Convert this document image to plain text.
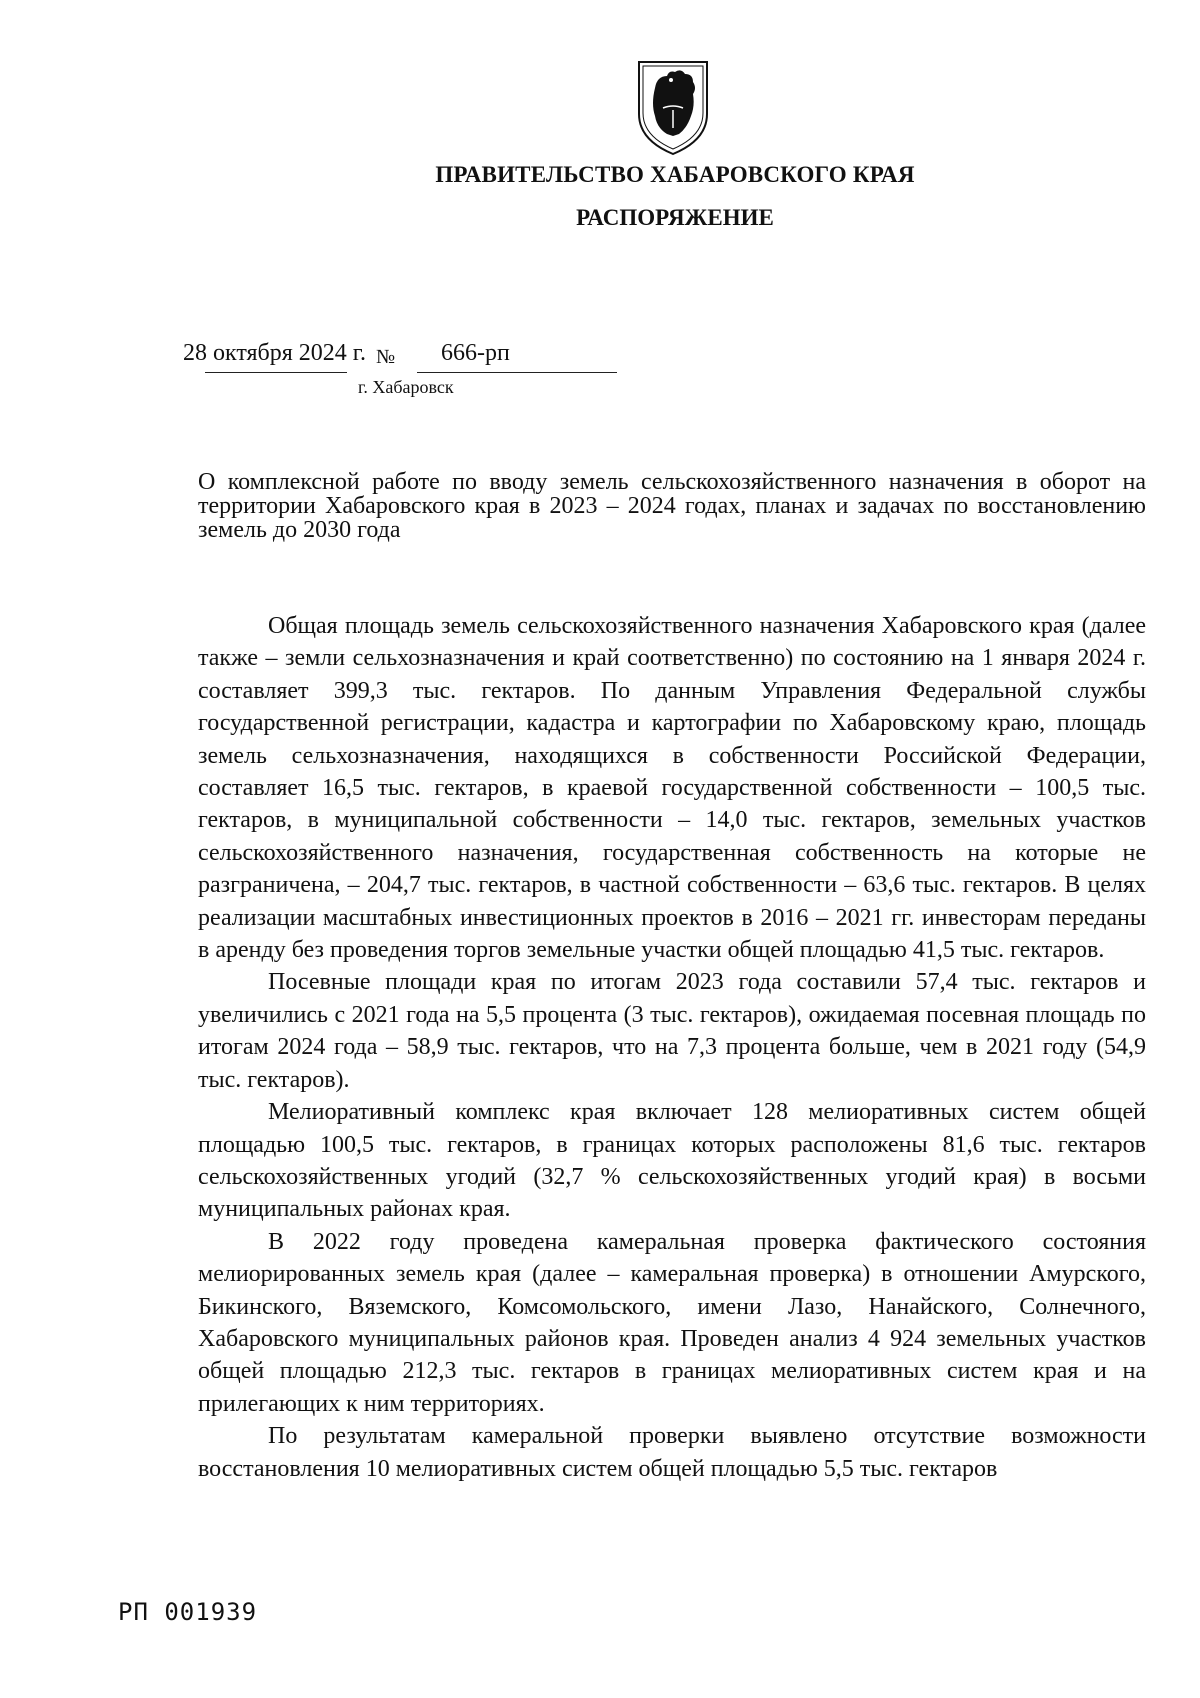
ПРАВИТЕЛЬСТВО ХАБАРОВСКОГО КРАЯ
РАСПОРЯЖЕНИЕ
28 октября 2024 г. № 666-рп
г. Хабаровск
О комплексной работе по вводу земель сельскохозяйственного назначения в оборот на территории Хабаровского края в 2023 – 2024 годах, планах и задачах по восстановлению земель до 2030 года

Общая площадь земель сельскохозяйственного назначения Хабаровского края (далее также – земли сельхозназначения и край соответственно) по состоянию на 1 января 2024 г. составляет 399,3 тыс. гектаров. По данным Управления Федеральной службы государственной регистрации, кадастра и картографии по Хабаровскому краю, площадь земель сельхозназначения, находящихся в собственности Российской Федерации, составляет 16,5 тыс. гектаров, в краевой государственной собственности – 100,5 тыс. гектаров, в муниципальной собственности – 14,0 тыс. гектаров, земельных участков сельскохозяйственного назначения, государственная собственность на которые не разграничена, – 204,7 тыс. гектаров, в частной собственности – 63,6 тыс. гектаров. В целях реализации масштабных инвестиционных проектов в 2016 – 2021 гг. инвесторам переданы в аренду без проведения торгов земельные участки общей площадью 41,5 тыс. гектаров.

Посевные площади края по итогам 2023 года составили 57,4 тыс. гектаров и увеличились с 2021 года на 5,5 процента (3 тыс. гектаров), ожидаемая посевная площадь по итогам 2024 года – 58,9 тыс. гектаров, что на 7,3 процента больше, чем в 2021 году (54,9 тыс. гектаров).

Мелиоративный комплекс края включает 128 мелиоративных систем общей площадью 100,5 тыс. гектаров, в границах которых расположены 81,6 тыс. гектаров сельскохозяйственных угодий (32,7 % сельскохозяйственных угодий края) в восьми муниципальных районах края.

В 2022 году проведена камеральная проверка фактического состояния мелиорированных земель края (далее – камеральная проверка) в отношении Амурского, Бикинского, Вяземского, Комсомольского, имени Лазо, Нанайского, Солнечного, Хабаровского муниципальных районов края. Проведен анализ 4 924 земельных участков общей площадью 212,3 тыс. гектаров в границах мелиоративных систем края и на прилегающих к ним территориях.

По результатам камеральной проверки выявлено отсутствие возможности восстановления 10 мелиоративных систем общей площадью 5,5 тыс. гектаров

РП 001939
